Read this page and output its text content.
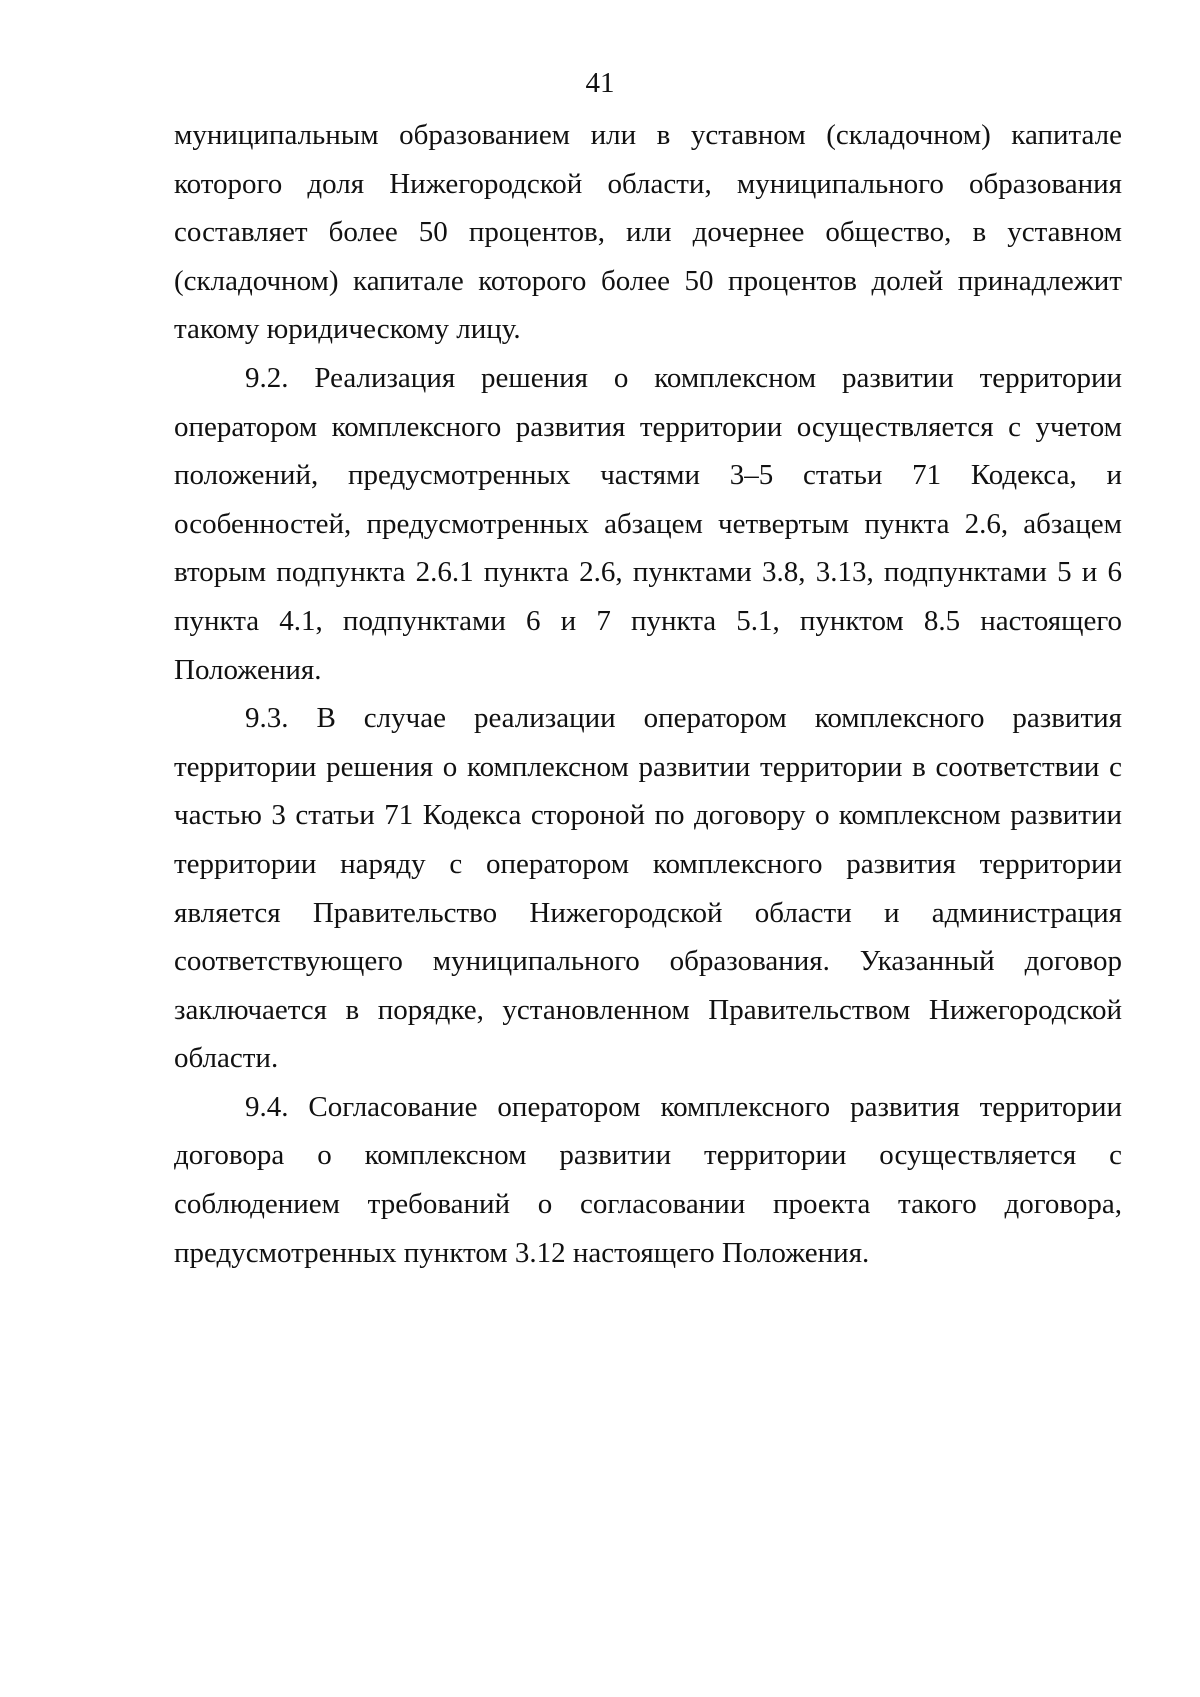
41

муниципальным образованием или в уставном (складочном) капитале которого доля Нижегородской области, муниципального образования составляет более 50 процентов, или дочернее общество, в уставном (складочном) капитале которого более 50 процентов долей принадлежит такому юридическому лицу.

9.2. Реализация решения о комплексном развитии территории оператором комплексного развития территории осуществляется с учетом положений, предусмотренных частями 3–5 статьи 71 Кодекса, и особенностей, предусмотренных абзацем четвертым пункта 2.6, абзацем вторым подпункта 2.6.1 пункта 2.6, пунктами 3.8, 3.13, подпунктами 5 и 6 пункта 4.1, подпунктами 6 и 7 пункта 5.1, пунктом 8.5 настоящего Положения.

9.3. В случае реализации оператором комплексного развития территории решения о комплексном развитии территории в соответствии с частью 3 статьи 71 Кодекса стороной по договору о комплексном развитии территории наряду с оператором комплексного развития территории является Правительство Нижегородской области и администрация соответствующего муниципального образования. Указанный договор заключается в порядке, установленном Правительством Нижегородской области.

9.4. Согласование оператором комплексного развития территории договора о комплексном развитии территории осуществляется с соблюдением требований о согласовании проекта такого договора, предусмотренных пунктом 3.12 настоящего Положения.
